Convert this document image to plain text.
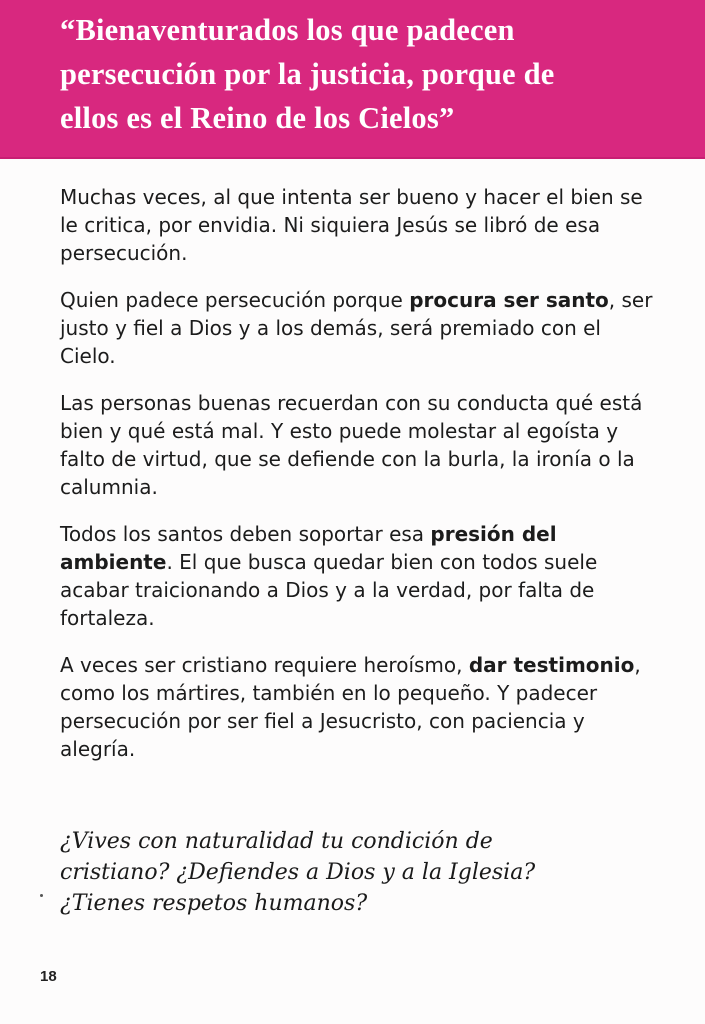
“Bienaventurados los que padecen
persecución por la justicia, porque de
ellos es el Reino de los Cielos”

Muchas veces, al que intenta ser bueno y hacer el bien se le critica, por envidia. Ni siquiera Jesús se libró de esa persecución.

Quien padece persecución porque procura ser santo, ser justo y fiel a Dios y a los demás, será premiado con el Cielo.

Las personas buenas recuerdan con su conducta qué está bien y qué está mal. Y esto puede molestar al egoísta y falto de virtud, que se defiende con la burla, la ironía o la calumnia.

Todos los santos deben soportar esa presión del ambiente. El que busca quedar bien con todos suele acabar traicionando a Dios y a la verdad, por falta de fortaleza.

A veces ser cristiano requiere heroísmo, dar testimonio, como los mártires, también en lo pequeño. Y padecer persecución por ser fiel a Jesucristo, con paciencia y alegría.

¿Vives con naturalidad tu condición de
cristiano? ¿Defiendes a Dios y a la Iglesia?
¿Tienes respetos humanos?

18
